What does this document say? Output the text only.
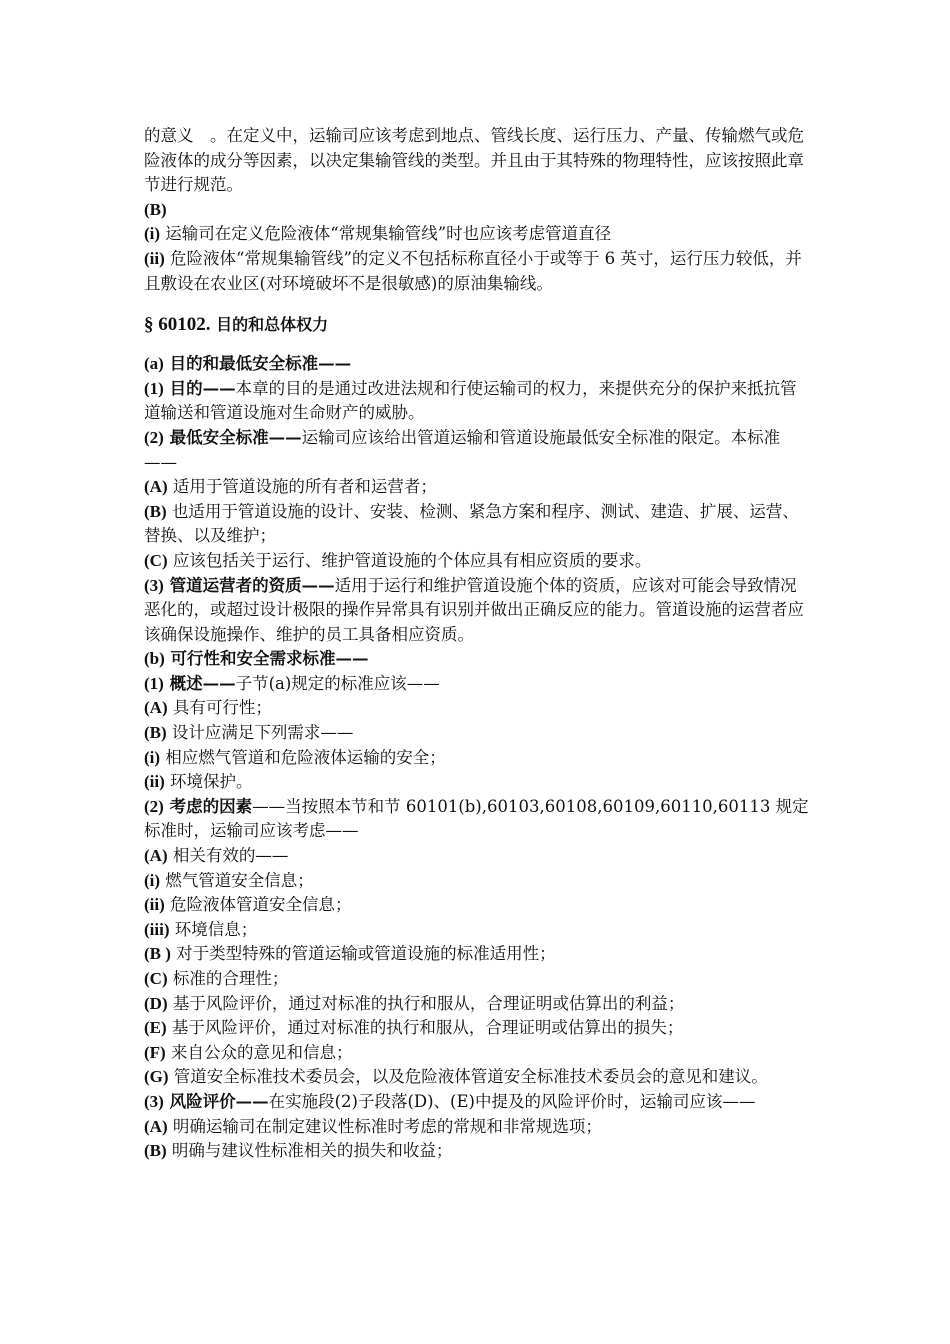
的意义　。在定义中，运输司应该考虑到地点、管线长度、运行压力、产量、传输燃气或危险液体的成分等因素，以决定集输管线的类型。并且由于其特殊的物理特性，应该按照此章节进行规范。

(B)

(i) 运输司在定义危险液体“常规集输管线”时也应该考虑管道直径

(ii) 危险液体“常规集输管线”的定义不包括标称直径小于或等于 6 英寸，运行压力较低，并且敷设在农业区(对环境破坏不是很敏感)的原油集输线。

§ 60102. 目的和总体权力

(a) 目的和最低安全标准——

(1) 目的——本章的目的是通过改进法规和行使运输司的权力，来提供充分的保护来抵抗管道输送和管道设施对生命财产的威胁。

(2) 最低安全标准——运输司应该给出管道运输和管道设施最低安全标准的限定。本标准——

(A) 适用于管道设施的所有者和运营者；

(B) 也适用于管道设施的设计、安装、检测、紧急方案和程序、测试、建造、扩展、运营、替换、以及维护；

(C) 应该包括关于运行、维护管道设施的个体应具有相应资质的要求。

(3) 管道运营者的资质——适用于运行和维护管道设施个体的资质，应该对可能会导致情况恶化的，或超过设计极限的操作异常具有识别并做出正确反应的能力。管道设施的运营者应该确保设施操作、维护的员工具备相应资质。

(b) 可行性和安全需求标准——

(1) 概述——子节(a)规定的标准应该——

(A) 具有可行性；

(B) 设计应满足下列需求——

(i) 相应燃气管道和危险液体运输的安全；

(ii) 环境保护。

(2) 考虑的因素——当按照本节和节 60101(b),60103,60108,60109,60110,60113 规定标准时，运输司应该考虑——

(A) 相关有效的——

(i) 燃气管道安全信息；

(ii) 危险液体管道安全信息；

(iii) 环境信息；

(B ) 对于类型特殊的管道运输或管道设施的标准适用性；

(C) 标准的合理性；

(D) 基于风险评价，通过对标准的执行和服从，合理证明或估算出的利益；

(E) 基于风险评价，通过对标准的执行和服从，合理证明或估算出的损失；

(F) 来自公众的意见和信息；

(G) 管道安全标准技术委员会，以及危险液体管道安全标准技术委员会的意见和建议。

(3) 风险评价——在实施段(2)子段落(D)、(E)中提及的风险评价时，运输司应该——

(A) 明确运输司在制定建议性标准时考虑的常规和非常规选项；

(B) 明确与建议性标准相关的损失和收益；
